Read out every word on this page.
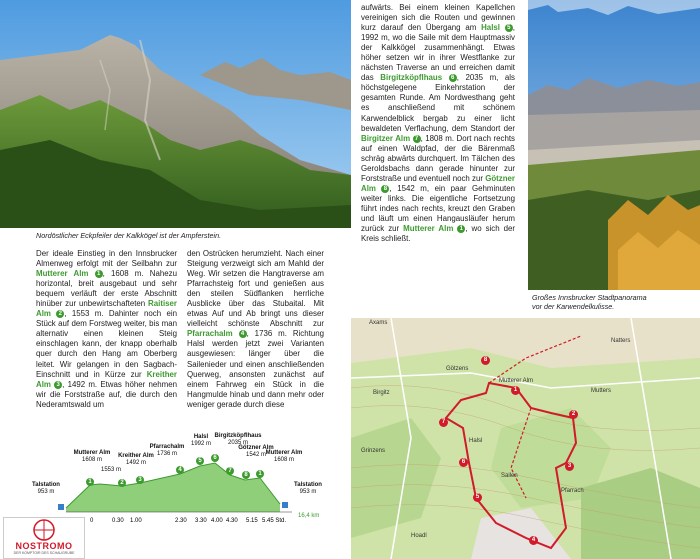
Nordöstlicher Eckpfeiler der Kalkkögel ist der Ampferstein.

Der ideale Einstieg in den Innsbrucker Almenweg erfolgt mit der Seilbahn zur Mutterer Alm 1 , 1608 m. Nahezu horizontal, breit ausgebaut und sehr bequem verläuft der erste Abschnitt hinüber zur unbewirtschafteten Raitiser Alm 2 , 1553 m. Dahinter noch ein Stück auf dem Forstweg weiter, bis man alternativ einen kleinen Steig einschlagen kann, der knapp oberhalb quer durch den Hang am Oberberg leitet. Wir gelangen in den Sagbach-Einschnitt und in Kürze zur Kreither Alm 3 , 1492 m. Etwas höher nehmen wir die Forststraße auf, die durch den Nederamtswald um

den Ostrücken herumzieht. Nach einer Steigung verzweigt sich am Mahld der Weg. Wir setzen die Hangtraverse am Pfarrachsteig fort und genießen aus den steilen Südflanken herrliche Ausblicke über das Stubaital. Mit etwas Auf und Ab bringt uns dieser vielleicht schönste Abschnitt zur Pfarrachalm 4 , 1736 m. Richtung Halsl werden jetzt zwei Varianten ausgewiesen: länger über die Sailenieder und einen anschließenden Querweg, ansonsten zunächst auf einem Fahrweg ein Stück in die Hangmulde hinab und dann mehr oder weniger gerade durch diese

aufwärts. Bei einem kleinen Kapellchen vereinigen sich die Routen und gewinnen kurz darauf den Übergang am Halsl 5 , 1992 m, wo die Saile mit dem Hauptmassiv der Kalkkögel zusammenhängt. Etwas höher setzen wir in ihrer Westflanke zur nächsten Traverse an und erreichen damit das Birgitzköpflhaus 6 , 2035 m, als höchstgelegene Einkehrstation der gesamten Runde. Am Nordwesthang geht es anschließend mit schönem Karwendelblick bergab zu einer licht bewaldeten Verflachung, dem Standort der Birgitzer Alm 7 , 1808 m. Dort nach rechts auf einen Waldpfad, der die Bärenmaß schräg abwärts durchquert. Im Tälchen des Geroldsbachs dann gerade hinunter zur Forststraße und eventuell noch zur Götzner Alm 8 , 1542 m, ein paar Gehminuten weiter links. Die eigentliche Fortsetzung führt indes nach rechts, kreuzt den Graben und läuft um einen Hangausläufer herum zurück zur Mutterer Alm 1 , wo sich der Kreis schließt.

Großes Innsbrucker Stadtpanorama
vor der Karwendelkulisse.
Axams
Götzens
Birgitz	Mutters
Natters
Grinzens
Sailen
Halsl
Mutterer Alm
Pfarrach
Hoadl
1
2
3
4
5
6
7
8
Talstation
953 m
Mutterer Alm
1608 m
1553 m
Kreither Alm
1492 m
Pfarrachalm
1736 m
Halsl
1992 m
Birgitzköpflhaus
2035 m
Götzner Alm
1542 m Mutterer Alm
1608 m
Talstation
953 m
0	0.30 1.00	2.30 3.30 4.00 4.30 5.15 5.45 Std.
16,4 km
1	2	3
4
5	6
7
8	1
NOSTROMO
DER KOMPTOIR DES SCHAUGRUBE
